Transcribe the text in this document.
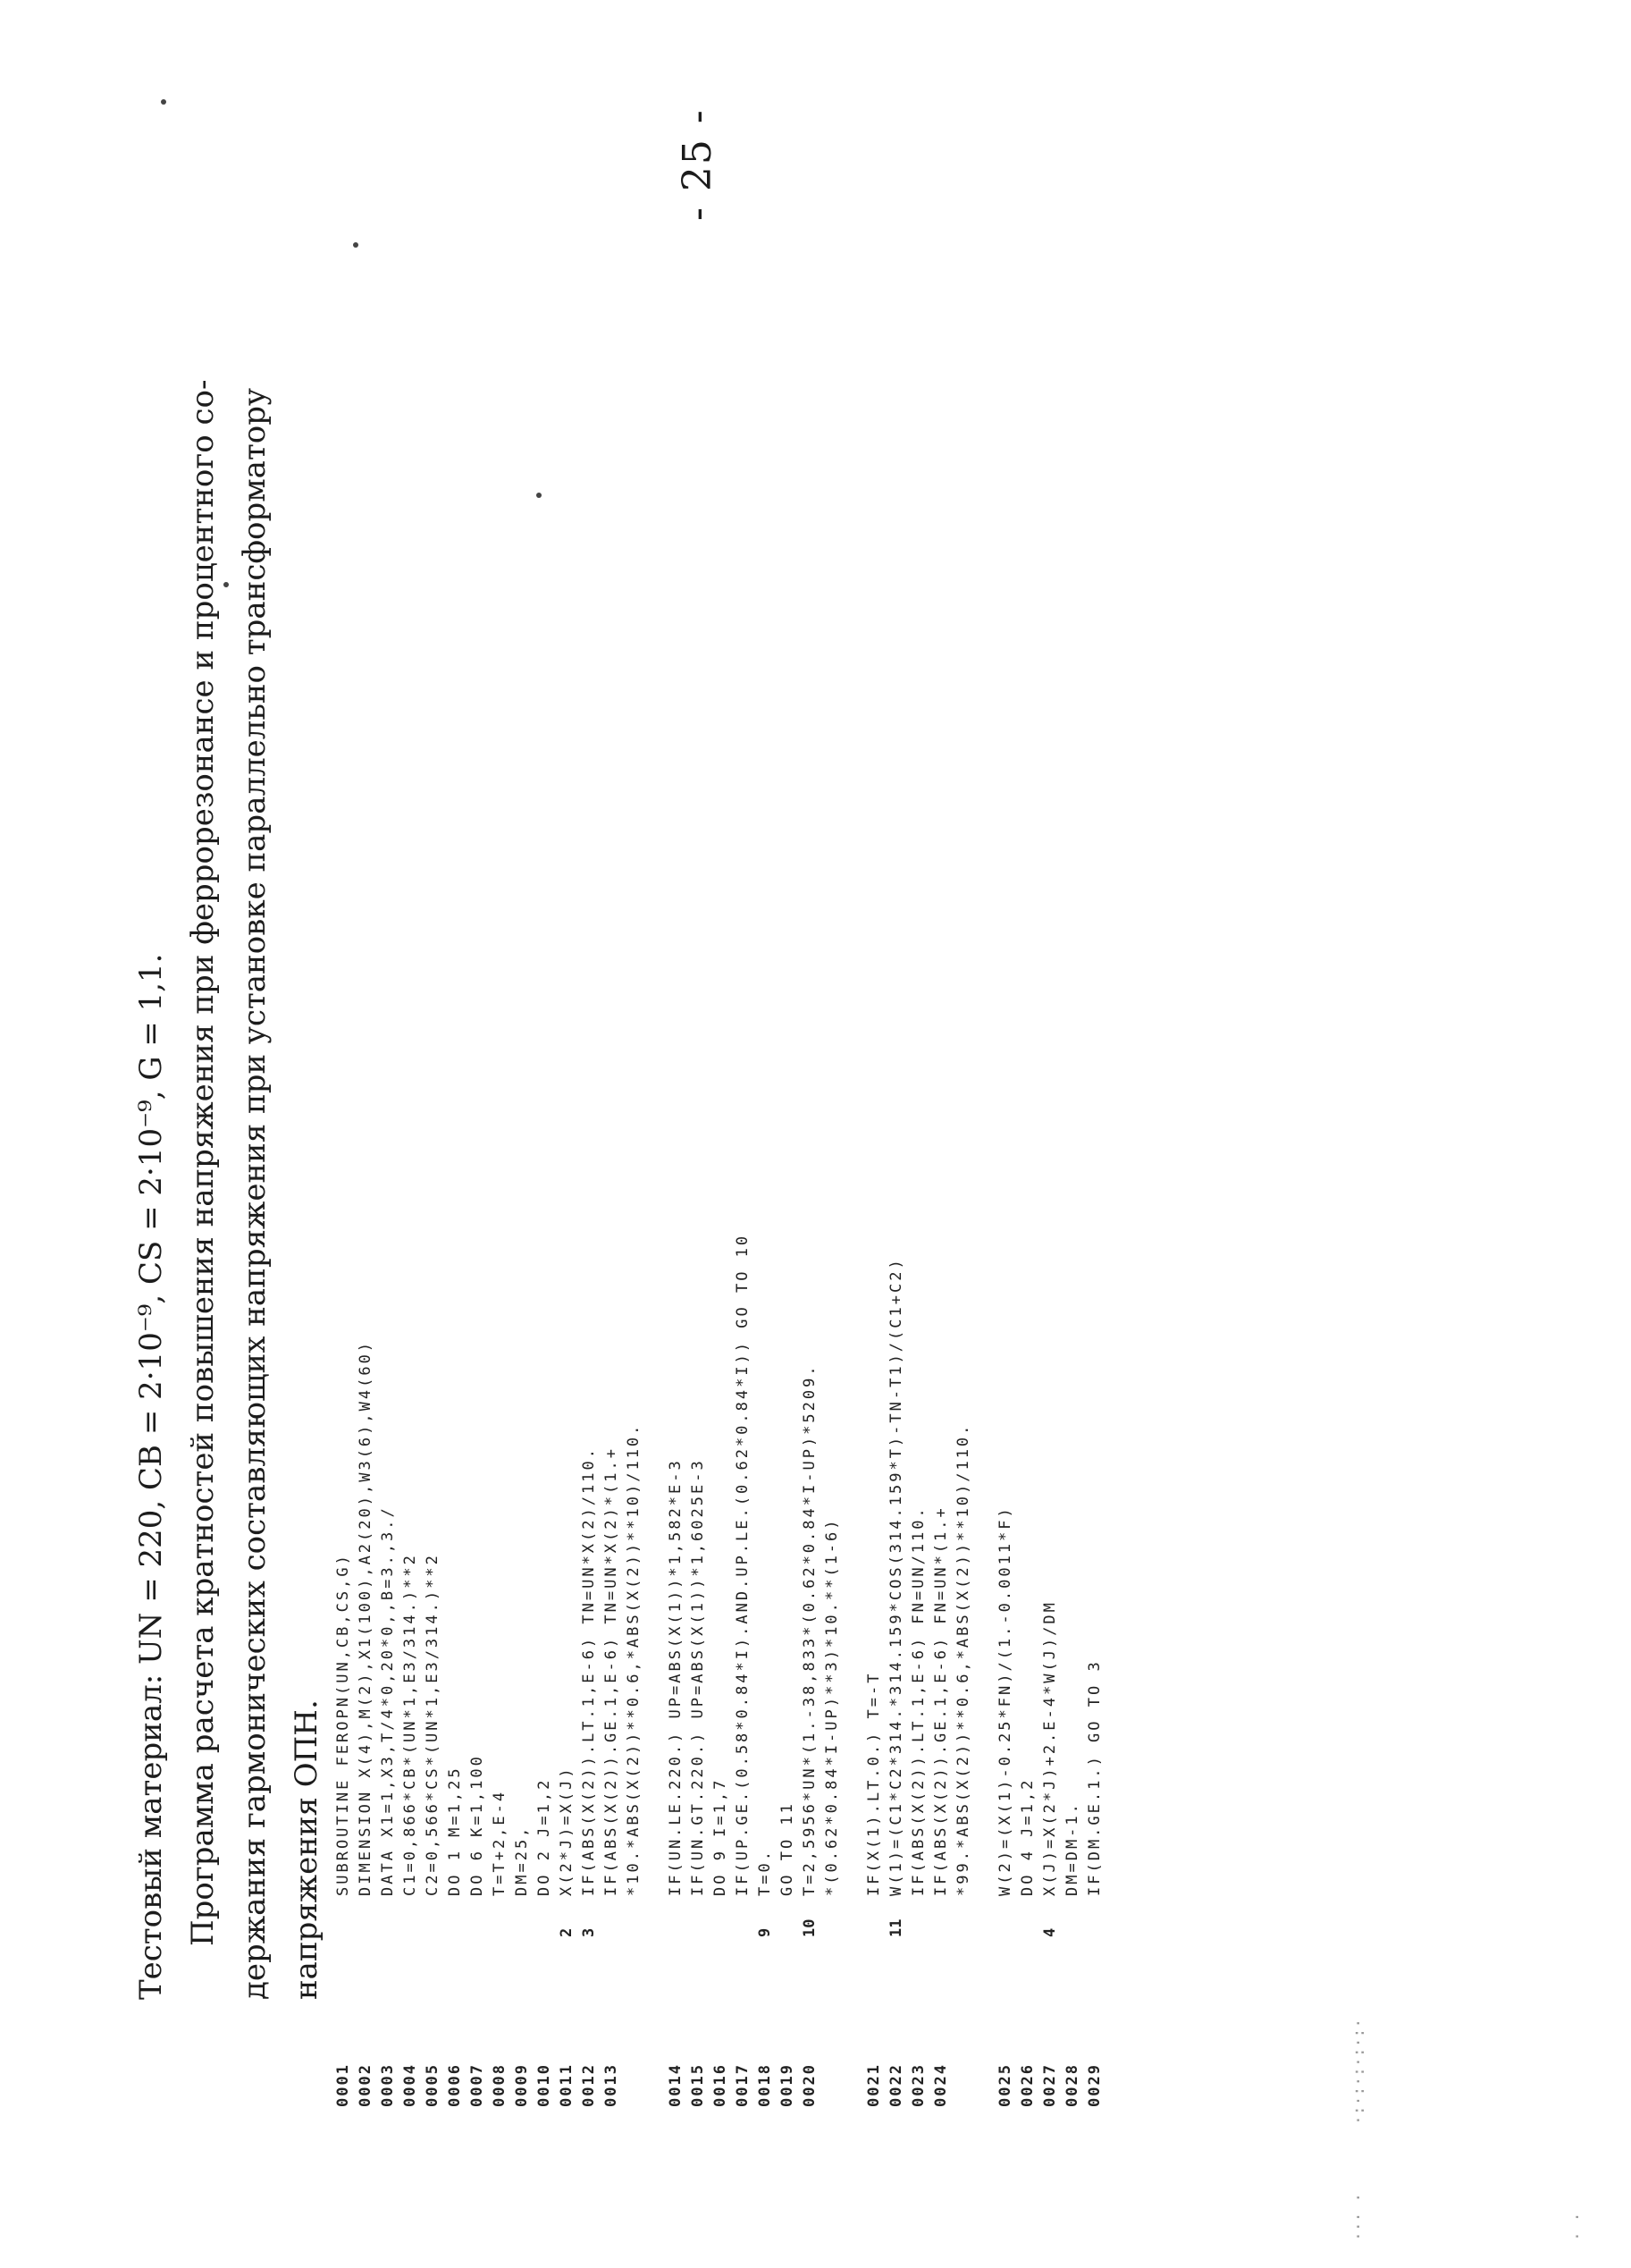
- 25 -

Тестовый материал: UN = 220, CB = 2·10⁻⁹, CS = 2·10⁻⁹, G = 1,1. Программа расчета кратностей повышения напряжения при феррорезонансе и процентного со- держания гармонических составляющих напряжения при установке параллельно трансформатору напряжения ОПН.

0001
SUBROUTINE FEROPN(UN,CB,CS,G)
0002
DIMENSION X(4),M(2),X1(100),A2(20),W3(6),W4(60)
0003
DATA X1=1,X3,T/4*0,20*0,,B=3.,3./
0004
C1=0,866*CB*(UN*1,E3/314.)**2
0005
C2=0,566*CS*(UN*1,E3/314.)**2
0006
DO 1 M=1,25
0007
DO 6 K=1,100
0008
T=T+2,E-4
0009
DM=25,
0010
DO 2 J=1,2
0011
2
X(2*J)=X(J)
0012
3
IF(ABS(X(2)).LT.1,E-6) TN=UN*X(2)/110.
0013
IF(ABS(X(2)).GE.1,E-6) TN=UN*X(2)*(1.+ *10.*ABS(X(2))**0.6,*ABS(X(2))**10)/110.
0014
IF(UN.LE.220.) UP=ABS(X(1))*1,582*E-3
0015
IF(UN.GT.220.) UP=ABS(X(1))*1,6025E-3
0016
DO 9 I=1,7
0017
IF(UP.GE.(0.58*0.84*I).AND.UP.LE.(0.62*0.84*I)) GO TO 10
0018
9
T=0.
0019
GO TO 11
0020
10
T=2,5956*UN*(1.-38,833*(0.62*0.84*I-UP)*5209. *(0.62*0.84*I-UP)**3)*10.**(1-6)
0021
IF(X(1).LT.0.) T=-T
0022
11
W(1)=(C1*C2*314.*314.159*COS(314.159*T)-TN-T1)/(C1+C2)
0023
IF(ABS(X(2)).LT.1,E-6) FN=UN/110.
0024
IF(ABS(X(2)).GE.1,E-6) FN=UN*(1.+ *99.*ABS(X(2))**0.6,*ABS(X(2))**10)/110.
0025
W(2)=(X(1)-0.25*FN)/(1.-0.0011*F)
0026
DO 4 J=1,2
0027
4
X(J)=X(2*J)+2.E-4*W(J)/DM
0028
DM=DM-1.
0029
IF(DM.GE.1.) GO TO 3
· ·
·:·:·:·:·:·
··· ·
